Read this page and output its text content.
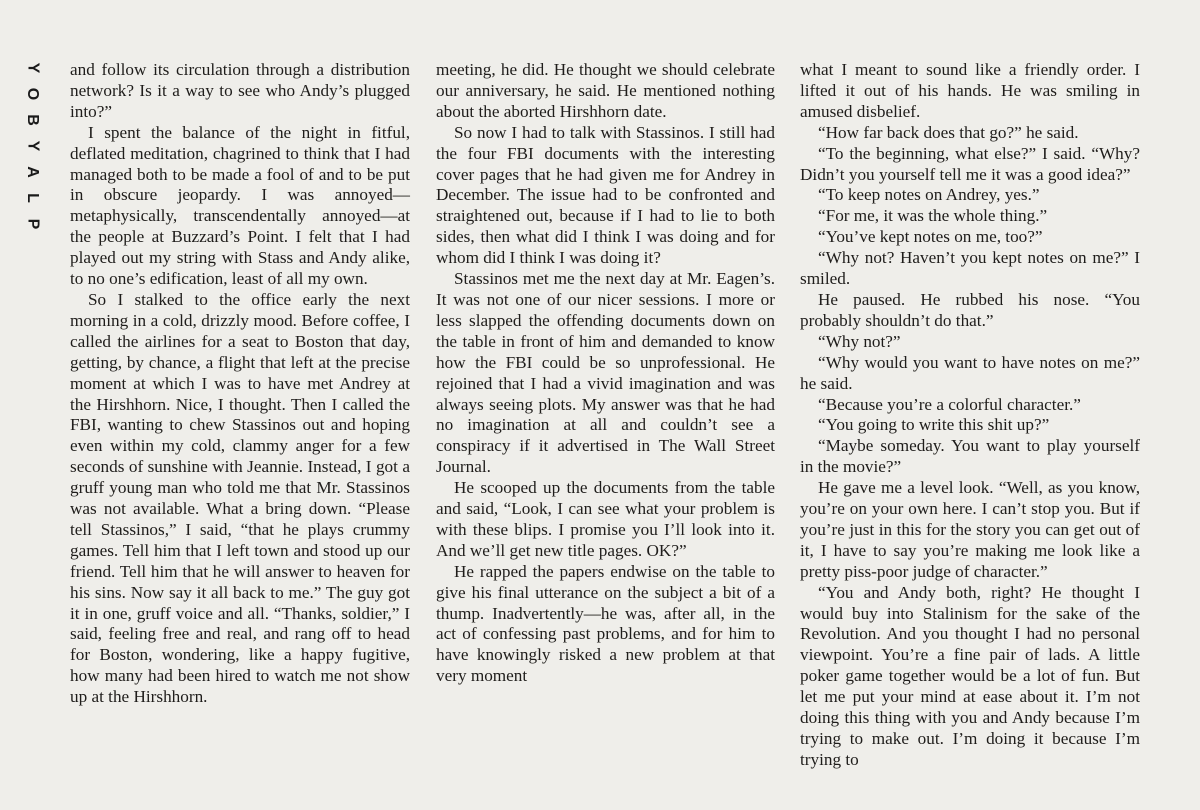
Y
O
B
Y
A
L
P

and follow its circulation through a distribution network? Is it a way to see who Andy’s plugged into?”

I spent the balance of the night in fitful, deflated meditation, chagrined to think that I had managed both to be made a fool of and to be put in obscure jeopardy. I was annoyed—metaphysically, transcendentally annoyed—at the people at Buzzard’s Point. I felt that I had played out my string with Stass and Andy alike, to no one’s edification, least of all my own.

So I stalked to the office early the next morning in a cold, drizzly mood. Before coffee, I called the airlines for a seat to Boston that day, getting, by chance, a flight that left at the precise moment at which I was to have met Andrey at the Hirshhorn. Nice, I thought. Then I called the FBI, wanting to chew Stassinos out and hoping even within my cold, clammy anger for a few seconds of sunshine with Jeannie. Instead, I got a gruff young man who told me that Mr. Stassinos was not available. What a bring down. “Please tell Stassinos,” I said, “that he plays crummy games. Tell him that I left town and stood up our friend. Tell him that he will answer to heaven for his sins. Now say it all back to me.” The guy got it in one, gruff voice and all. “Thanks, soldier,” I said, feeling free and real, and rang off to head for Boston, wondering, like a happy fugitive, how many had been hired to watch me not show up at the Hirshhorn.

meeting, he did. He thought we should celebrate our anniversary, he said. He mentioned nothing about the aborted Hirshhorn date.

So now I had to talk with Stassinos. I still had the four FBI documents with the interesting cover pages that he had given me for Andrey in December. The issue had to be confronted and straightened out, because if I had to lie to both sides, then what did I think I was doing and for whom did I think I was doing it?

Stassinos met me the next day at Mr. Eagen’s. It was not one of our nicer sessions. I more or less slapped the offending documents down on the table in front of him and demanded to know how the FBI could be so unprofessional. He rejoined that I had a vivid imagination and was always seeing plots. My answer was that he had no imagination at all and couldn’t see a conspiracy if it advertised in The Wall Street Journal.

He scooped up the documents from the table and said, “Look, I can see what your problem is with these blips. I promise you I’ll look into it. And we’ll get new title pages. OK?”

He rapped the papers endwise on the table to give his final utterance on the subject a bit of a thump. Inadvertently—he was, after all, in the act of confessing past problems, and for him to have knowingly risked a new problem at that very moment

what I meant to sound like a friendly order. I lifted it out of his hands. He was smiling in amused disbelief.

“How far back does that go?” he said.

“To the beginning, what else?” I said. “Why? Didn’t you yourself tell me it was a good idea?”

“To keep notes on Andrey, yes.”

“For me, it was the whole thing.”

“You’ve kept notes on me, too?”

“Why not? Haven’t you kept notes on me?” I smiled.

He paused. He rubbed his nose. “You probably shouldn’t do that.”

“Why not?”

“Why would you want to have notes on me?” he said.

“Because you’re a colorful character.”

“You going to write this shit up?”

“Maybe someday. You want to play yourself in the movie?”

He gave me a level look. “Well, as you know, you’re on your own here. I can’t stop you. But if you’re just in this for the story you can get out of it, I have to say you’re making me look like a pretty piss-poor judge of character.”

“You and Andy both, right? He thought I would buy into Stalinism for the sake of the Revolution. And you thought I had no personal viewpoint. You’re a fine pair of lads. A little poker game together would be a lot of fun. But let me put your mind at ease about it. I’m not doing this thing with you and Andy because I’m trying to make out. I’m doing it because I’m trying to
